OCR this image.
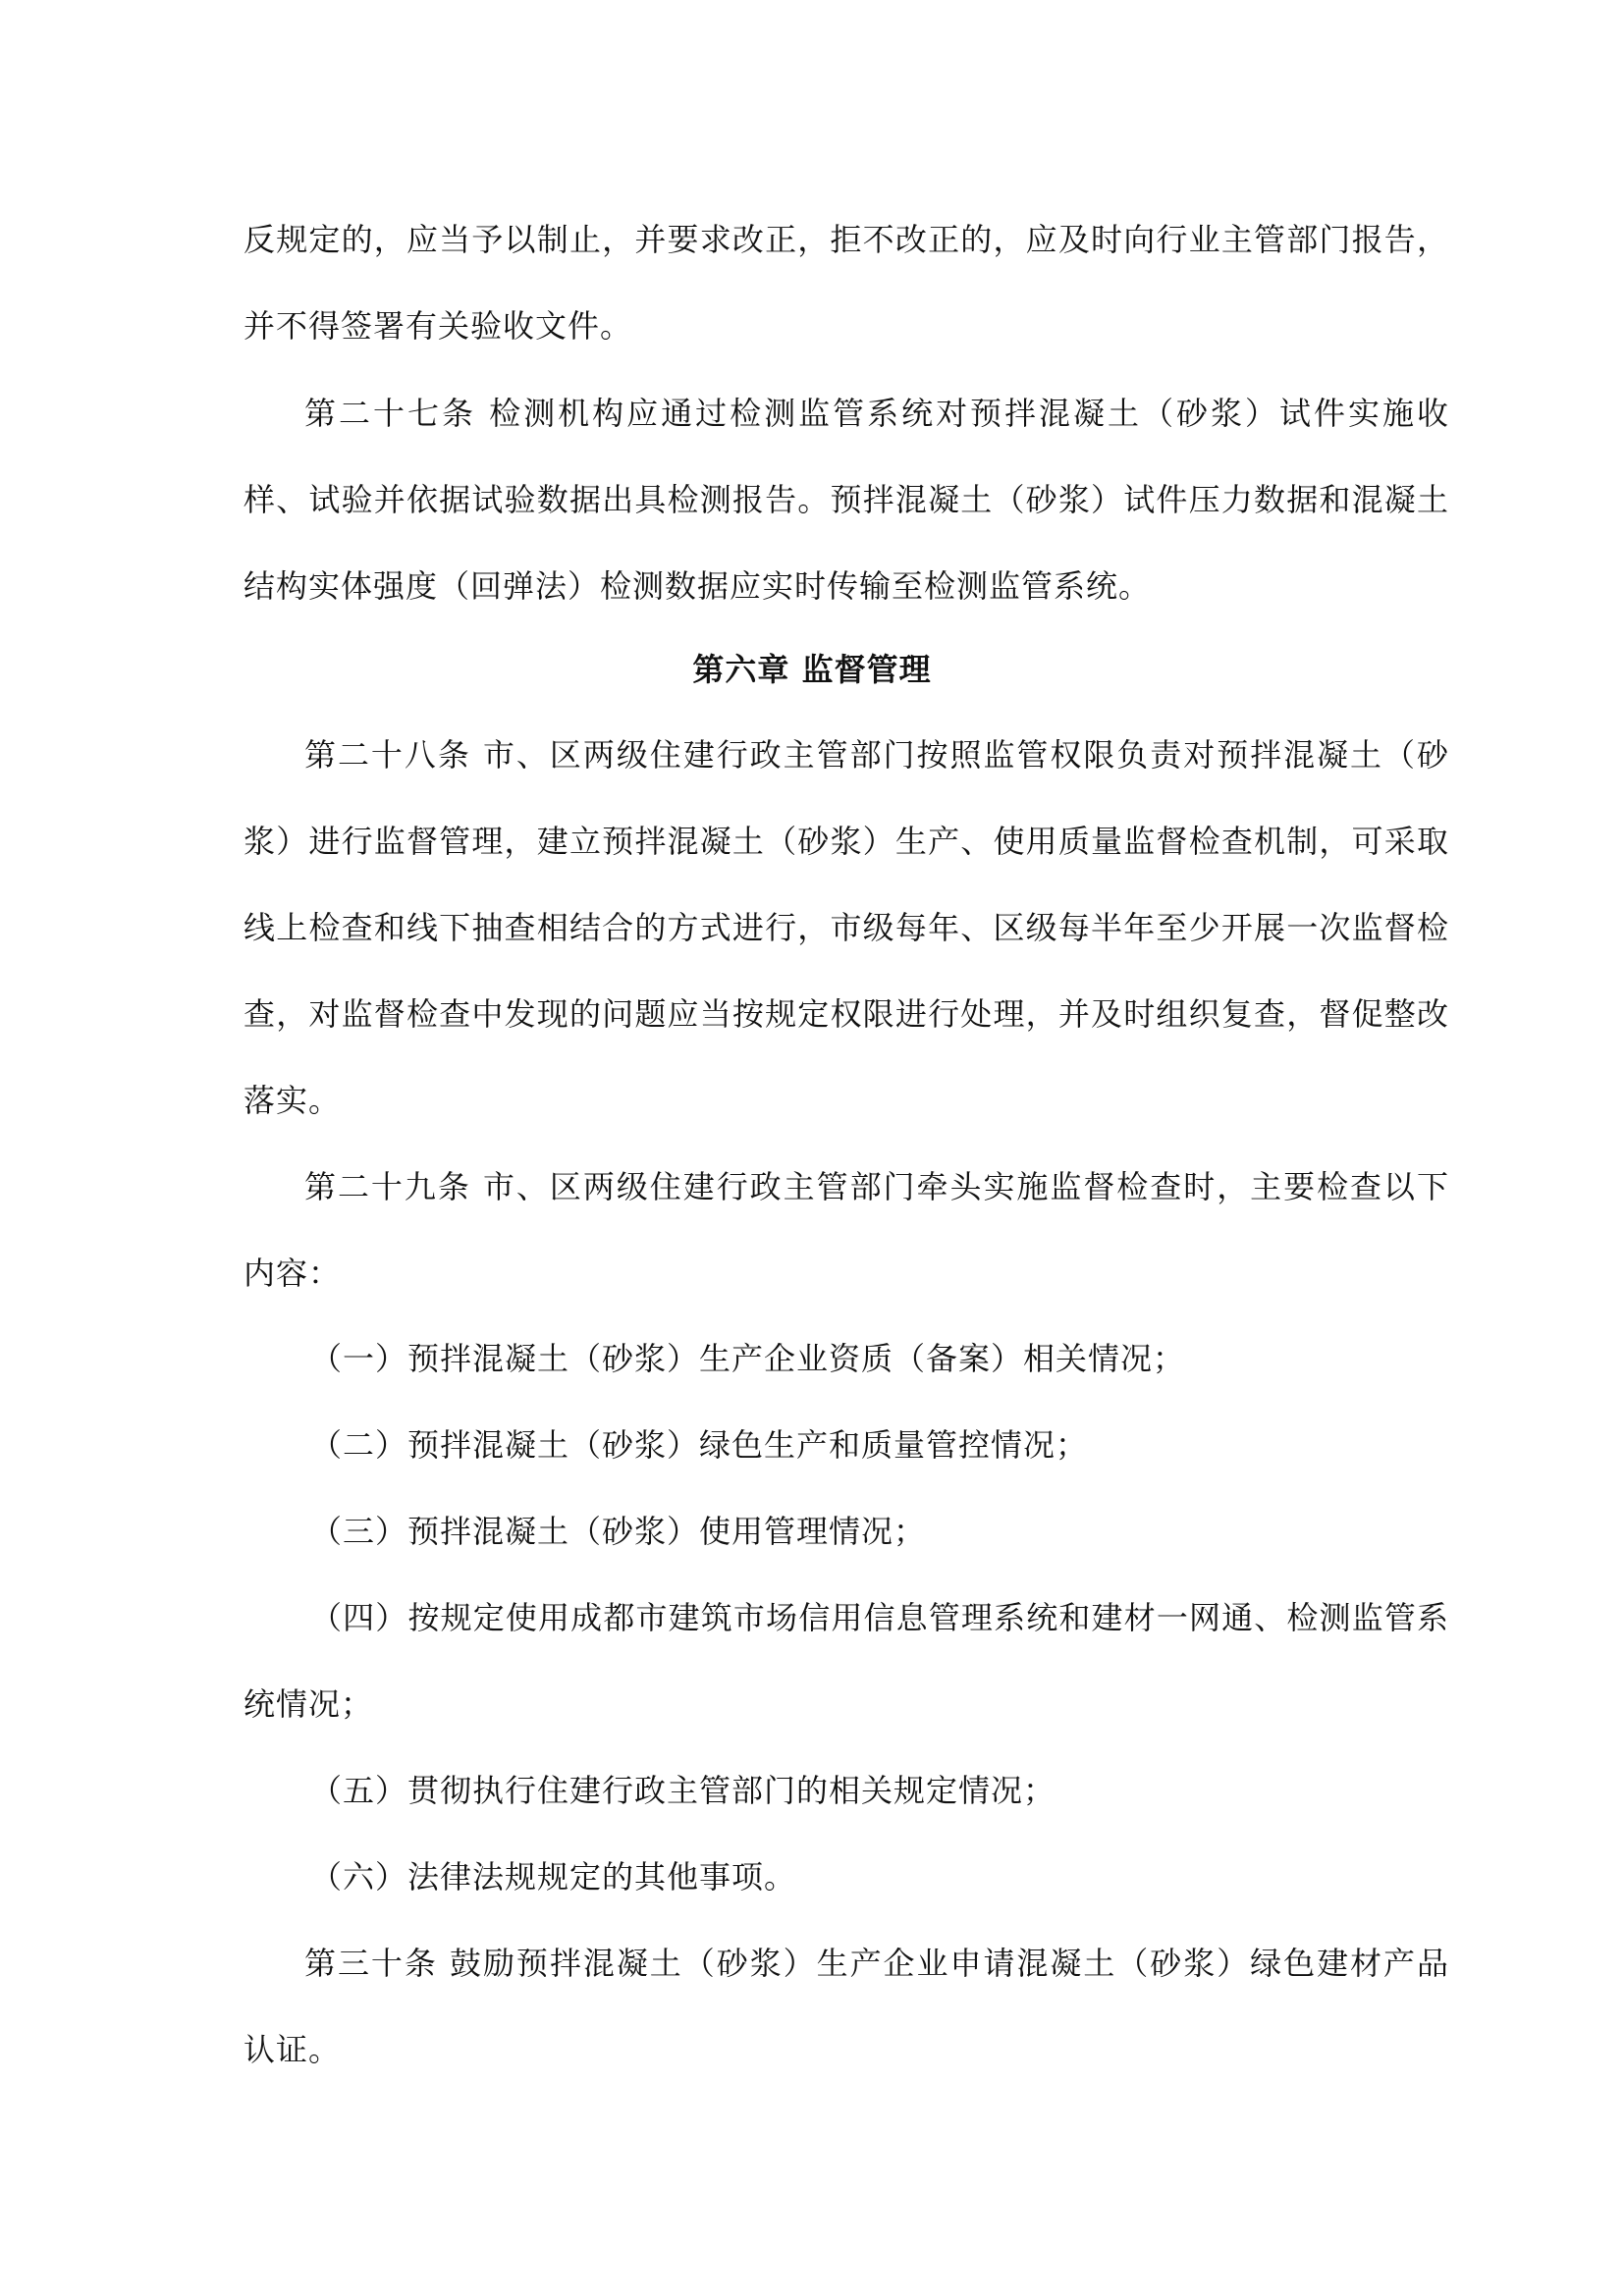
反规定的，应当予以制止，并要求改正，拒不改正的，应及时向行业主管部门报告，并不得签署有关验收文件。

第二十七条 检测机构应通过检测监管系统对预拌混凝土（砂浆）试件实施收样、试验并依据试验数据出具检测报告。预拌混凝土（砂浆）试件压力数据和混凝土结构实体强度（回弹法）检测数据应实时传输至检测监管系统。

第六章 监督管理

第二十八条 市、区两级住建行政主管部门按照监管权限负责对预拌混凝土（砂浆）进行监督管理，建立预拌混凝土（砂浆）生产、使用质量监督检查机制，可采取线上检查和线下抽查相结合的方式进行，市级每年、区级每半年至少开展一次监督检查，对监督检查中发现的问题应当按规定权限进行处理，并及时组织复查，督促整改落实。

第二十九条 市、区两级住建行政主管部门牵头实施监督检查时，主要检查以下内容：

（一）预拌混凝土（砂浆）生产企业资质（备案）相关情况；

（二）预拌混凝土（砂浆）绿色生产和质量管控情况；

（三）预拌混凝土（砂浆）使用管理情况；

（四）按规定使用成都市建筑市场信用信息管理系统和建材一网通、检测监管系统情况；

（五）贯彻执行住建行政主管部门的相关规定情况；

（六）法律法规规定的其他事项。

第三十条 鼓励预拌混凝土（砂浆）生产企业申请混凝土（砂浆）绿色建材产品认证。
